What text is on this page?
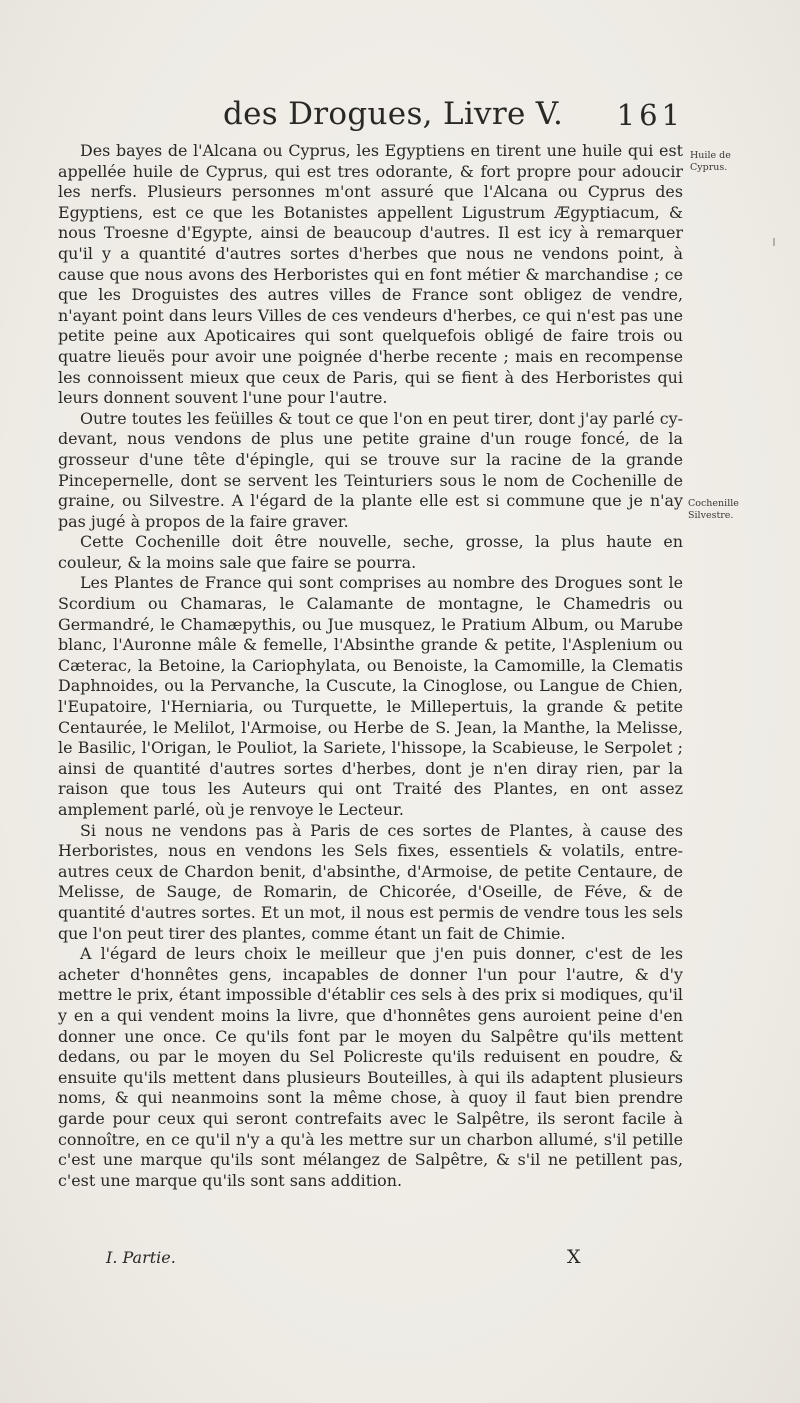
des Drogues, Livre V. 161
Huile de Cyprus.
Cochenille Silvestre.

Des bayes de l'Alcana ou Cyprus, les Egyptiens en tirent une huile qui est appellée huile de Cyprus, qui est tres odorante, & fort propre pour adoucir les nerfs. Plusieurs personnes m'ont assuré que l'Alcana ou Cyprus des Egyptiens, est ce que les Botanistes appellent Ligustrum Ægyptiacum, & nous Troesne d'Egypte, ainsi de beaucoup d'autres. Il est icy à remarquer qu'il y a quantité d'autres sortes d'herbes que nous ne vendons point, à cause que nous avons des Herboristes qui en font métier & marchandise ; ce que les Droguistes des autres villes de France sont obligez de vendre, n'ayant point dans leurs Villes de ces vendeurs d'herbes, ce qui n'est pas une petite peine aux Apoticaires qui sont quelquefois obligé de faire trois ou quatre lieuës pour avoir une poignée d'herbe recente ; mais en recompense les connoissent mieux que ceux de Paris, qui se fient à des Herboristes qui leurs donnent souvent l'une pour l'autre.

Outre toutes les feüilles & tout ce que l'on en peut tirer, dont j'ay parlé cy-devant, nous vendons de plus une petite graine d'un rouge foncé, de la grosseur d'une tête d'épingle, qui se trouve sur la racine de la grande Pincepernelle, dont se servent les Teinturiers sous le nom de Cochenille de graine, ou Silvestre. A l'égard de la plante elle est si commune que je n'ay pas jugé à propos de la faire graver.

Cette Cochenille doit être nouvelle, seche, grosse, la plus haute en couleur, & la moins sale que faire se pourra.

Les Plantes de France qui sont comprises au nombre des Drogues sont le Scordium ou Chamaras, le Calamante de montagne, le Chamedris ou Germandré, le Chamæpythis, ou Jue musquez, le Pratium Album, ou Marube blanc, l'Auronne mâle & femelle, l'Absinthe grande & petite, l'Asplenium ou Cæterac, la Betoine, la Cariophylata, ou Benoiste, la Camomille, la Clematis Daphnoides, ou la Pervanche, la Cuscute, la Cinoglose, ou Langue de Chien, l'Eupatoire, l'Herniaria, ou Turquette, le Millepertuis, la grande & petite Centaurée, le Melilot, l'Armoise, ou Herbe de S. Jean, la Manthe, la Melisse, le Basilic, l'Origan, le Pouliot, la Sariete, l'hissope, la Scabieuse, le Serpolet ; ainsi de quantité d'autres sortes d'herbes, dont je n'en diray rien, par la raison que tous les Auteurs qui ont Traité des Plantes, en ont assez amplement parlé, où je renvoye le Lecteur.

Si nous ne vendons pas à Paris de ces sortes de Plantes, à cause des Herboristes, nous en vendons les Sels fixes, essentiels & volatils, entre-autres ceux de Chardon benit, d'absinthe, d'Armoise, de petite Centaure, de Melisse, de Sauge, de Romarin, de Chicorée, d'Oseille, de Féve, & de quantité d'autres sortes. Et un mot, il nous est permis de vendre tous les sels que l'on peut tirer des plantes, comme étant un fait de Chimie.

A l'égard de leurs choix le meilleur que j'en puis donner, c'est de les acheter d'honnêtes gens, incapables de donner l'un pour l'autre, & d'y mettre le prix, étant impossible d'établir ces sels à des prix si modiques, qu'il y en a qui vendent moins la livre, que d'honnêtes gens auroient peine d'en donner une once. Ce qu'ils font par le moyen du Salpêtre qu'ils mettent dedans, ou par le moyen du Sel Policreste qu'ils reduisent en poudre, & ensuite qu'ils mettent dans plusieurs Bouteilles, à qui ils adaptent plusieurs noms, & qui neanmoins sont la même chose, à quoy il faut bien prendre garde pour ceux qui seront contrefaits avec le Salpêtre, ils seront facile à connoître, en ce qu'il n'y a qu'à les mettre sur un charbon allumé, s'il petille c'est une marque qu'ils sont mélangez de Salpêtre, & s'il ne petillent pas, c'est une marque qu'ils sont sans addition.

I. Partie.	X
